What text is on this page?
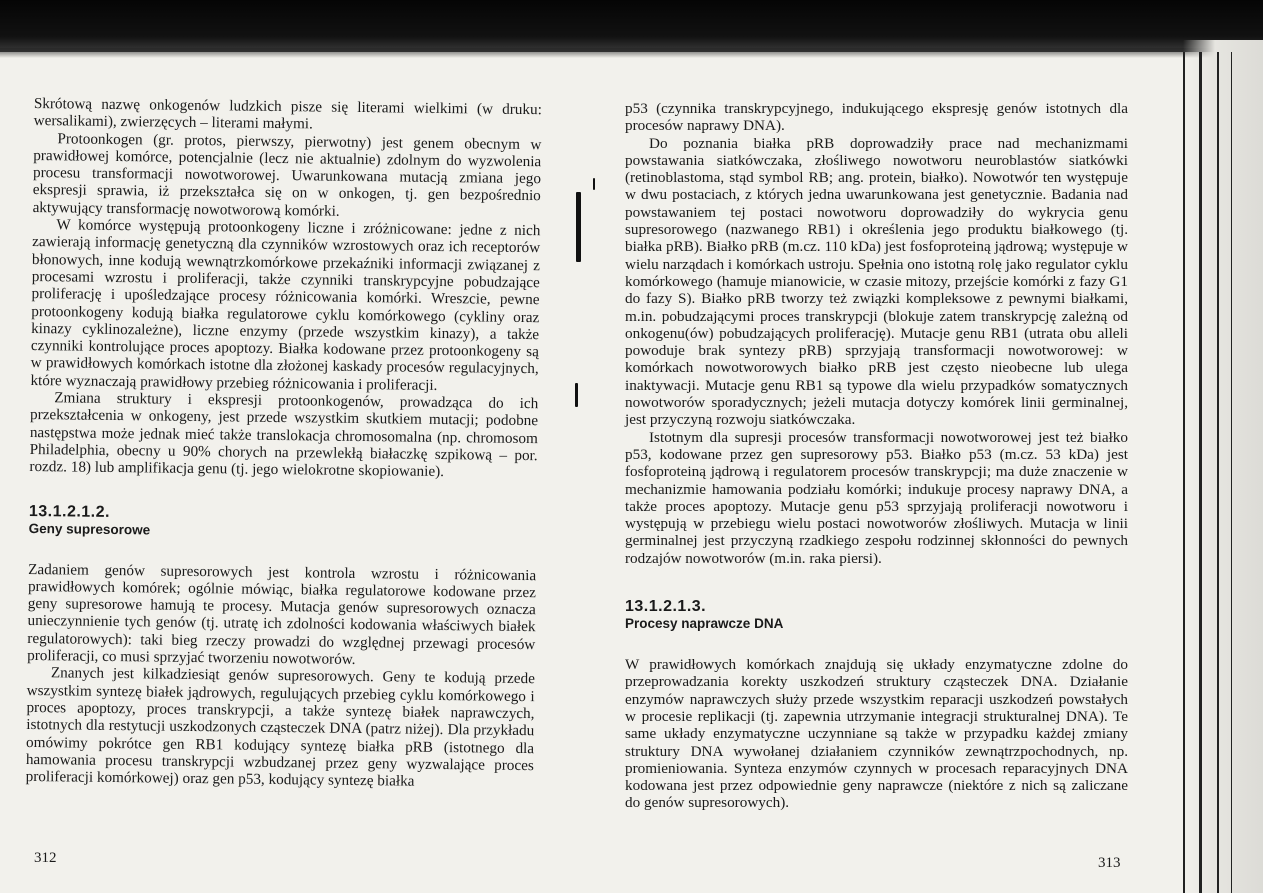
Skrótową nazwę onkogenów ludzkich pisze się literami wielkimi (w druku: wersalikami), zwierzęcych – literami małymi.

Protoonkogen (gr. protos, pierwszy, pierwotny) jest genem obecnym w prawidłowej komórce, potencjalnie (lecz nie aktualnie) zdolnym do wyzwolenia procesu transformacji nowotworowej. Uwarunkowana mutacją zmiana jego ekspresji sprawia, iż przekształca się on w onkogen, tj. gen bezpośrednio aktywujący transformację nowotworową komórki.

W komórce występują protoonkogeny liczne i zróżnicowane: jedne z nich zawierają informację genetyczną dla czynników wzrostowych oraz ich receptorów błonowych, inne kodują wewnątrzkomórkowe przekaźniki informacji związanej z procesami wzrostu i proliferacji, także czynniki transkrypcyjne pobudzające proliferację i upośledzające procesy różnicowania komórki. Wreszcie, pewne protoonkogeny kodują białka regulatorowe cyklu komórkowego (cykliny oraz kinazy cyklinozależne), liczne enzymy (przede wszystkim kinazy), a także czynniki kontrolujące proces apoptozy. Białka kodowane przez protoonkogeny są w prawidłowych komórkach istotne dla złożonej kaskady procesów regulacyjnych, które wyznaczają prawidłowy przebieg różnicowania i proliferacji.

Zmiana struktury i ekspresji protoonkogenów, prowadząca do ich przekształcenia w onkogeny, jest przede wszystkim skutkiem mutacji; podobne następstwa może jednak mieć także translokacja chromosomalna (np. chromosom Philadelphia, obecny u 90% chorych na przewlekłą białaczkę szpikową – por. rozdz. 18) lub amplifikacja genu (tj. jego wielokrotne skopiowanie).

13.1.2.1.2.
Geny supresorowe

Zadaniem genów supresorowych jest kontrola wzrostu i różnicowania prawidłowych komórek; ogólnie mówiąc, białka regulatorowe kodowane przez geny supresorowe hamują te procesy. Mutacja genów supresorowych oznacza unieczynnienie tych genów (tj. utratę ich zdolności kodowania właściwych białek regulatorowych): taki bieg rzeczy prowadzi do względnej przewagi procesów proliferacji, co musi sprzyjać tworzeniu nowotworów.

Znanych jest kilkadziesiąt genów supresorowych. Geny te kodują przede wszystkim syntezę białek jądrowych, regulujących przebieg cyklu komórkowego i proces apoptozy, proces transkrypcji, a także syntezę białek naprawczych, istotnych dla restytucji uszkodzonych cząsteczek DNA (patrz niżej). Dla przykładu omówimy pokrótce gen RB1 kodujący syntezę białka pRB (istotnego dla hamowania procesu transkrypcji wzbudzanej przez geny wyzwalające proces proliferacji komórkowej) oraz gen p53, kodujący syntezę białka

312

p53 (czynnika transkrypcyjnego, indukującego ekspresję genów istotnych dla procesów naprawy DNA).

Do poznania białka pRB doprowadziły prace nad mechanizmami powstawania siatkówczaka, złośliwego nowotworu neuroblastów siatkówki (retinoblastoma, stąd symbol RB; ang. protein, białko). Nowotwór ten występuje w dwu postaciach, z których jedna uwarunkowana jest genetycznie. Badania nad powstawaniem tej postaci nowotworu doprowadziły do wykrycia genu supresorowego (nazwanego RB1) i określenia jego produktu białkowego (tj. białka pRB). Białko pRB (m.cz. 110 kDa) jest fosfoproteiną jądrową; występuje w wielu narządach i komórkach ustroju. Spełnia ono istotną rolę jako regulator cyklu komórkowego (hamuje mianowicie, w czasie mitozy, przejście komórki z fazy G1 do fazy S). Białko pRB tworzy też związki kompleksowe z pewnymi białkami, m.in. pobudzającymi proces transkrypcji (blokuje zatem transkrypcję zależną od onkogenu(ów) pobudzających proliferację). Mutacje genu RB1 (utrata obu alleli powoduje brak syntezy pRB) sprzyjają transformacji nowotworowej: w komórkach nowotworowych białko pRB jest często nieobecne lub ulega inaktywacji. Mutacje genu RB1 są typowe dla wielu przypadków somatycznych nowotworów sporadycznych; jeżeli mutacja dotyczy komórek linii germinalnej, jest przyczyną rozwoju siatkówczaka.

Istotnym dla supresji procesów transformacji nowotworowej jest też białko p53, kodowane przez gen supresorowy p53. Białko p53 (m.cz. 53 kDa) jest fosfoproteiną jądrową i regulatorem procesów transkrypcji; ma duże znaczenie w mechanizmie hamowania podziału komórki; indukuje procesy naprawy DNA, a także proces apoptozy. Mutacje genu p53 sprzyjają proliferacji nowotworu i występują w przebiegu wielu postaci nowotworów złośliwych. Mutacja w linii germinalnej jest przyczyną rzadkiego zespołu rodzinnej skłonności do pewnych rodzajów nowotworów (m.in. raka piersi).

13.1.2.1.3.
Procesy naprawcze DNA

W prawidłowych komórkach znajdują się układy enzymatyczne zdolne do przeprowadzania korekty uszkodzeń struktury cząsteczek DNA. Działanie enzymów naprawczych służy przede wszystkim reparacji uszkodzeń powstałych w procesie replikacji (tj. zapewnia utrzymanie integracji strukturalnej DNA). Te same układy enzymatyczne uczynniane są także w przypadku każdej zmiany struktury DNA wywołanej działaniem czynników zewnątrzpochodnych, np. promieniowania. Synteza enzymów czynnych w procesach reparacyjnych DNA kodowana jest przez odpowiednie geny naprawcze (niektóre z nich są zaliczane do genów supresorowych).

313
